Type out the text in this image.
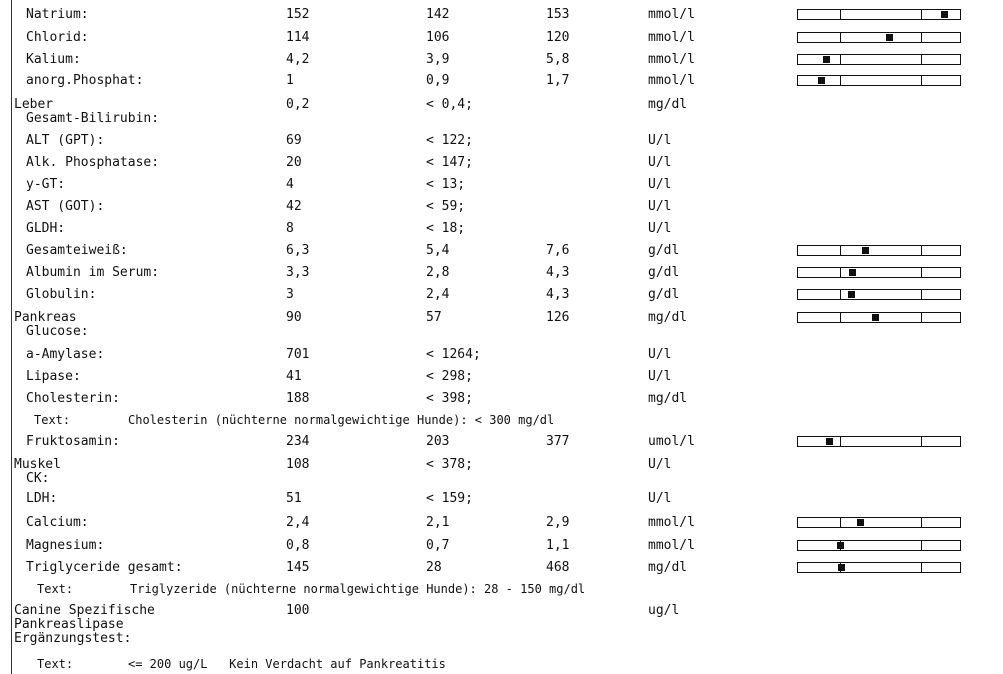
Natrium:	152	142	153	mmol/l
Chlorid:	114	106	120	mmol/l
Kalium:	4,2	3,9	5,8	mmol/l
anorg.Phosphat:	1	0,9	1,7	mmol/l
Leber	0,2	< 0,4;	mg/dl
Gesamt-Bilirubin:
ALT (GPT):	69	< 122;	U/l
Alk. Phosphatase:	20	< 147;	U/l
y-GT:	4	< 13;	U/l
AST (GOT):	42	< 59;	U/l
GLDH:	8	< 18;	U/l
Gesamteiweiß:	6,3	5,4	7,6	g/dl
Albumin im Serum:	3,3	2,8	4,3	g/dl
Globulin:	3	2,4	4,3	g/dl
Pankreas	90	57	126	mg/dl
Glucose:
a-Amylase:	701	< 1264;	U/l
Lipase:	41	< 298;	U/l
Cholesterin:	188	< 398;	mg/dl
Fruktosamin:	234	203	377	umol/l
Muskel	108	< 378;	U/l
CK:
LDH:	51	< 159;	U/l
Calcium:	2,4	2,1	2,9	mmol/l
Magnesium:	0,8	0,7	1,1	mmol/l
Triglyceride gesamt:	145	28	468	mg/dl
Canine Spezifische	100	ug/l
Pankreaslipase
Ergänzungstest:
Text:	Cholesterin (nüchterne normalgewichtige Hunde): < 300 mg/dl
Text:	Triglyzeride (nüchterne normalgewichtige Hunde): 28 - 150 mg/dl
Text:	<= 200 ug/L   Kein Verdacht auf Pankreatitis
